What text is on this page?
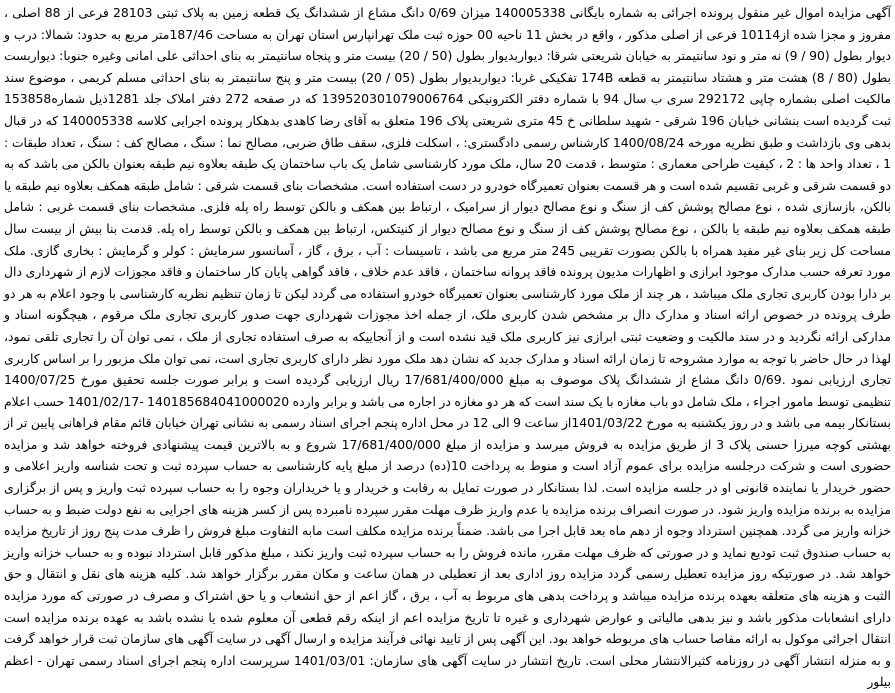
آگهی مزایده اموال غیر منقول پرونده اجرائی به شماره بایگانی 140005338 میزان 0/69 دانگ مشاع از ششدانگ یک قطعه زمین به پلاک ثبتی 28103 فرعی از 88 اصلی ، مفروز و مجزا شده از10114 فرعی از اصلی مذکور ، واقع در بخش 11 ناحیه 00 حوزه ثبت ملک تهرانپارس استان تهران به مساحت 187/46متر مربع به حدود: شمالا: درب و دیوار بطول (90 / 9) نه متر و نود سانتیمتر به خیابان شریعتی شرقا: دیواربدیوار بطول (50 / 20) بیست متر و پنجاه سانتیمتر به بنای احداثی علی امانی وغیره جنوبا: دیواربست بطول (80 / 8) هشت متر و هشتاد سانتیمتر به قطعه 174B تفکیکی غربا: دیواربدیوار بطول (05 / 20) بیست متر و پنج سانتیمتر به بنای احداثی مسلم کریمی ، موضوع سند مالکیت اصلی بشماره چاپی 292172 سری ب سال 94 با شماره دفتر الکترونیکی 139520301079006764 که در صفحه 272 دفتر املاک جلد 1281ذیل شماره153858 ثبت گردیده است بنشانی خیابان 196 شرقی - شهید سلطانی خ 45 متری شریعتی پلاک 196 متعلق به آقای رضا کاهدی بدهکار پرونده اجرایی کلاسه 140005338 که در قبال بدهی وی بازداشت و طبق نظریه مورخه 1400/08/24 کارشناس رسمی دادگستری: ، اسکلت فلزی، سقف طاق ضربی، مصالح نما : سنگ ، مصالح کف : سنگ ، تعداد طبقات : 1 ، تعداد واحد ها : 2 ، کیفیت طراحی معماری : متوسط ، قدمت 20 سال، ملک مورد کارشناسی شامل یک باب ساختمان یک طبقه بعلاوه نیم طبقه بعنوان بالکن می باشد که به دو قسمت شرقی و غربی تقسیم شده است و هر قسمت بعنوان تعمیرگاه خودرو در دست استفاده است. مشخصات بنای قسمت شرقی : شامل طبقه همکف بعلاوه نیم طبقه یا بالکن، بازسازی شده ، نوع مصالح پوشش کف از سنگ و نوع مصالح دیوار از سرامیک ، ارتباط بین همکف و بالکن توسط راه پله فلزی. مشخصات بنای قسمت غربی : شامل طبقه همکف بعلاوه نیم طبقه یا بالکن ، نوع مصالح پوشش کف از سنگ و نوع مصالح دیوار از کنیتکس، ارتباط بین همکف و بالکن توسط راه پله. قدمت بنا بیش از بیست سال مساحت کل زیر بنای غیر مفید همراه با بالکن بصورت تقریبی 245 متر مربع می باشد ، تاسیسات : آب ، برق ، گاز ، آسانسور سرمایش : کولر و گرمایش : بخاری گازی. ملک مورد تعرفه حسب مدارک موجود ابرازی و اظهارات مدیون پرونده فاقد پروانه ساختمان ، فاقد عدم خلاف ، فاقد گواهی پایان کار ساختمان و فاقد مجوزات لازم از شهرداری دال بر دارا بودن کاربری تجاری ملک میباشد ، هر چند از ملک مورد کارشناسی بعنوان تعمیرگاه خودرو استفاده می گردد لیکن تا زمان تنظیم نظریه کارشناسی با وجود اعلام به هر دو طرف پرونده در خصوص ارائه اسناد و مدارک دال بر مشخص شدن کاربری ملک، از جمله اخذ مجوزات شهرداری جهت صدور کاربری تجاری ملک مرقوم ، هیچگونه اسناد و مدارکی ارائه نگردید و در سند مالکیت و وضعیت ثبتی ابرازی نیز کاربری ملک قید نشده است و از آنجاییکه به صرف استفاده تجاری از ملک ، نمی توان آن را تجاری تلقی نمود، لهذا در حال حاضر با توجه به موارد مشروحه تا زمان ارائه اسناد و مدارک جدید که نشان دهد ملک مورد نظر دارای کاربری تجاری است، نمی توان ملک مزبور را بر اساس کاربری تجاری ارزیابی نمود .0/69 دانگ مشاع از ششدانگ پلاک موصوف به مبلغ 17/681/400/000 ریال ارزیابی گردیده است و برابر صورت جلسه تحقیق مورخ 1400/07/25 تنظیمی توسط مامور اجراء ، ملک شامل دو باب مغازه با یک سند است که هر دو مغازه در اجاره می باشد و برابر وارده 140185684041000020 -1401/02/17 حسب اعلام بستانکار بیمه می باشد و در روز یکشنبه به مورخ 1401/03/22از ساعت 9 الی 12 در محل اداره پنجم اجرای اسناد رسمی به نشانی تهران خیابان قائم مقام فراهانی پایین تر از بهشتی کوچه میرزا حسنی پلاک 3 از طریق مزایده به فروش میرسد و مزایده از مبلغ 17/681/400/000 شروع و به بالاترین قیمت پیشنهادی فروخته خواهد شد و مزایده حضوری است و شرکت درجلسه مزایده برای عموم آزاد است و منوط به پرداخت 10(ده) درصد از مبلغ پایه کارشناسی به حساب سپرده ثبت و تحت شناسه واریز اعلامی و حضور خریدار یا نماینده قانونی او در جلسه مزایده است. لذا بستانکار در صورت تمایل به رقابت و خریدار و یا خریداران وجوه را به حساب سپرده ثبت واریز و پس از برگزاری مزایده به برنده مزایده واریز شود. در صورت انصراف برنده مزایده یا عدم واریز ظرف مهلت مقرر سپرده نامبرده پس از کسر هزینه های اجرایی به نفع دولت ضبط و به حساب خزانه واریز می گردد. همچنین استرداد وجوه از دهم ماه بعد قابل اجرا می باشد. ضمناً برنده مزایده مکلف است مابه التفاوت مبلغ فروش را ظرف مدت پنج روز از تاریخ مزایده به حساب صندوق ثبت تودیع نماید و در صورتی که ظرف مهلت مقرر، مانده فروش را به حساب سپرده ثبت واریز نکند ، مبلغ مذکور قابل استرداد نبوده و به حساب خزانه واریز خواهد شد. در صورتیکه روز مزایده تعطیل رسمی گردد مزایده روز اداری بعد از تعطیلی در همان ساعت و مکان مقرر برگزار خواهد شد. کلیه هزینه های نقل و انتقال و حق الثبت و هزینه های متعلقه بعهده برنده مزایده میباشد و پرداخت بدهی های مربوط به آب ، برق ، گاز اعم از حق انشعاب و یا حق اشتراک و مصرف در صورتی که مورد مزایده دارای انشعابات مذکور باشد و نیز بدهی مالیاتی و عوارض شهرداری و غیره تا تاریخ مزایده اعم از اینکه رقم قطعی آن معلوم شده یا نشده باشد به عهده برنده مزایده است انتقال اجرائی موکول به ارائه مفاصا حساب های مربوطه خواهد بود. این آگهی پس از تایید نهائی فرآیند مزایده و ارسال آگهی در سایت آگهی های سازمان ثبت قرار خواهد گرفت و به منزله انتشار آگهی در روزنامه کثیرالانتشار محلی است. تاریخ انتشار در سایت آگهی های سازمان: 1401/03/01 سرپرست اداره پنجم اجرای اسناد رسمی تهران - اعظم بیلور
